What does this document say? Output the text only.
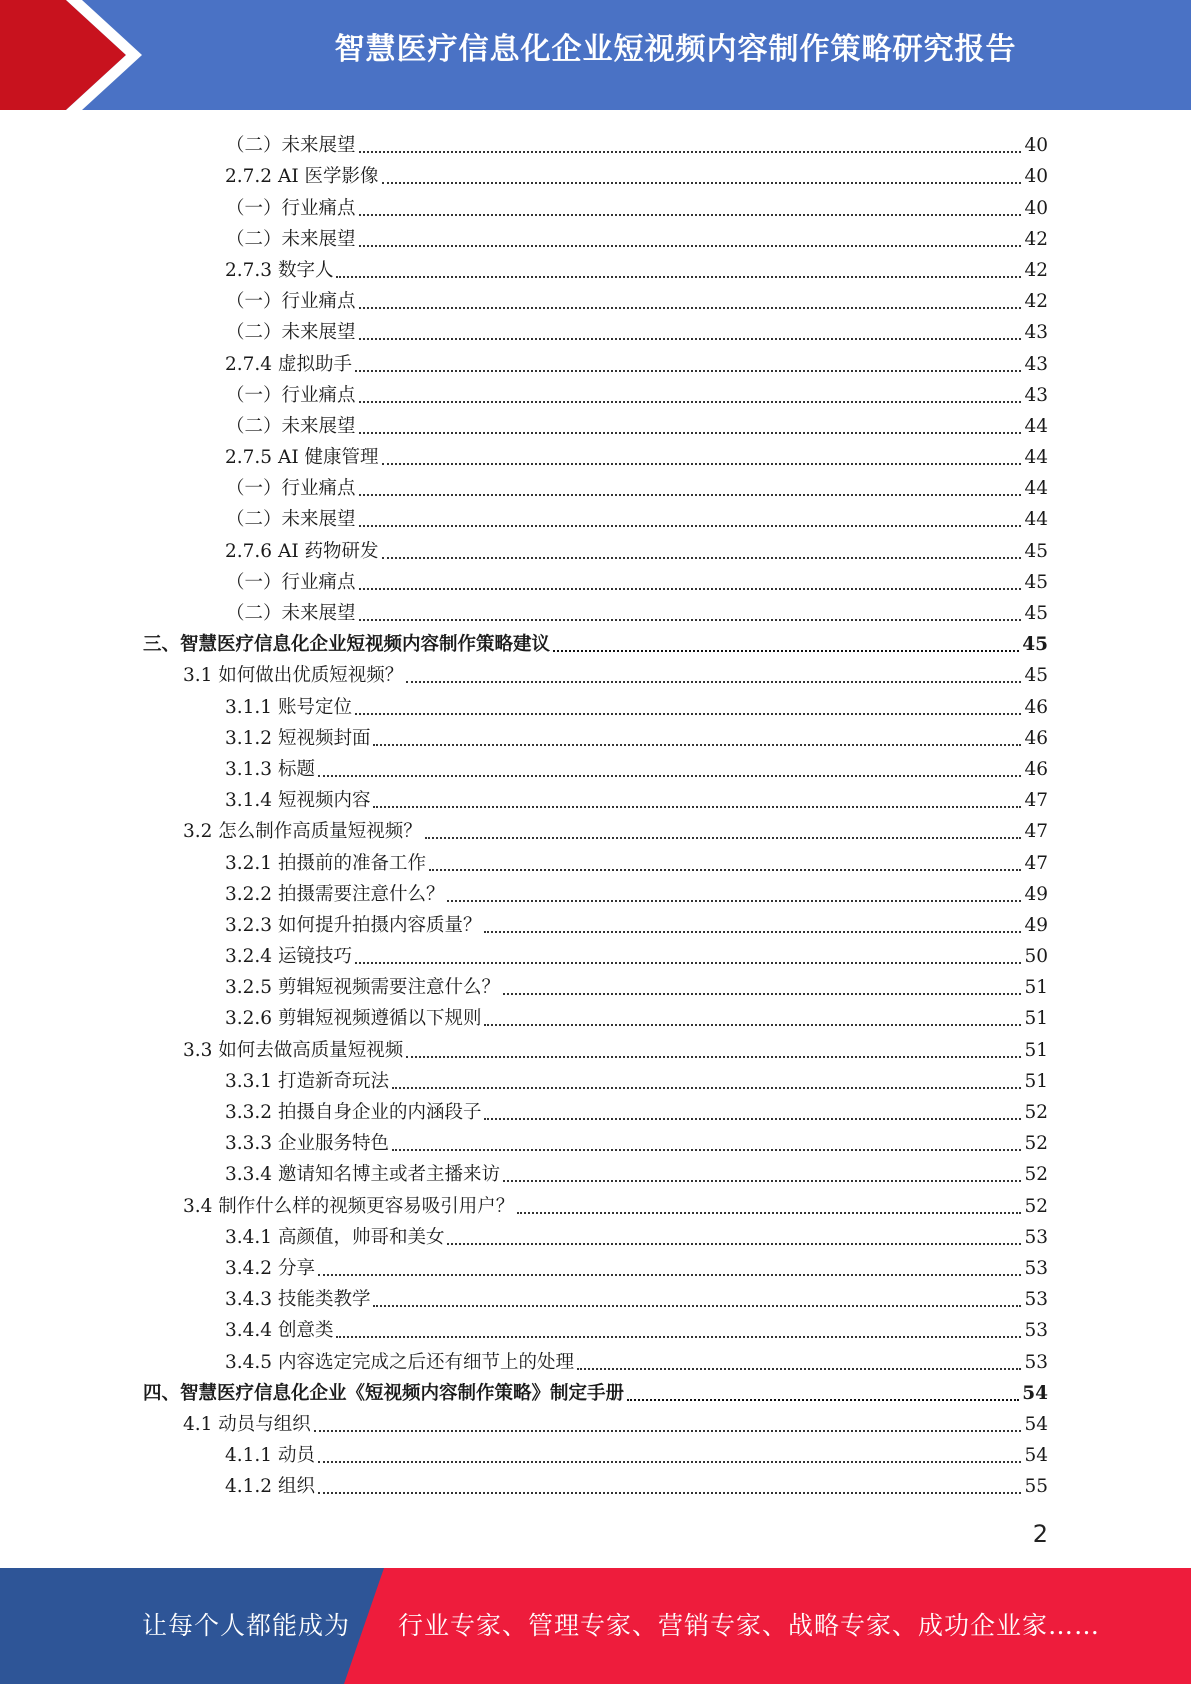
智慧医疗信息化企业短视频内容制作策略研究报告
（二）未来展望	40
2.7.2 AI 医学影像	40
（一）行业痛点	40
（二）未来展望	42
2.7.3 数字人	42
（一）行业痛点	42
（二）未来展望	43
2.7.4 虚拟助手	43
（一）行业痛点	43
（二）未来展望	44
2.7.5 AI 健康管理	44
（一）行业痛点	44
（二）未来展望	44
2.7.6 AI 药物研发	45
（一）行业痛点	45
（二）未来展望	45
三、智慧医疗信息化企业短视频内容制作策略建议	45
3.1 如何做出优质短视频？	45
3.1.1 账号定位	46
3.1.2 短视频封面	46
3.1.3 标题	46
3.1.4 短视频内容	47
3.2 怎么制作高质量短视频？	47
3.2.1 拍摄前的准备工作	47
3.2.2 拍摄需要注意什么？	49
3.2.3 如何提升拍摄内容质量？	49
3.2.4 运镜技巧	50
3.2.5 剪辑短视频需要注意什么？	51
3.2.6 剪辑短视频遵循以下规则	51
3.3 如何去做高质量短视频	51
3.3.1 打造新奇玩法	51
3.3.2 拍摄自身企业的内涵段子	52
3.3.3 企业服务特色	52
3.3.4 邀请知名博主或者主播来访	52
3.4 制作什么样的视频更容易吸引用户？	52
3.4.1 高颜值，帅哥和美女	53
3.4.2 分享	53
3.4.3 技能类教学	53
3.4.4 创意类	53
3.4.5 内容选定完成之后还有细节上的处理	53
四、智慧医疗信息化企业《短视频内容制作策略》制定手册	54
4.1 动员与组织	54
4.1.1 动员	54
4.1.2 组织	55
2
让每个人都能成为 行业专家、管理专家、营销专家、战略专家、成功企业家……
